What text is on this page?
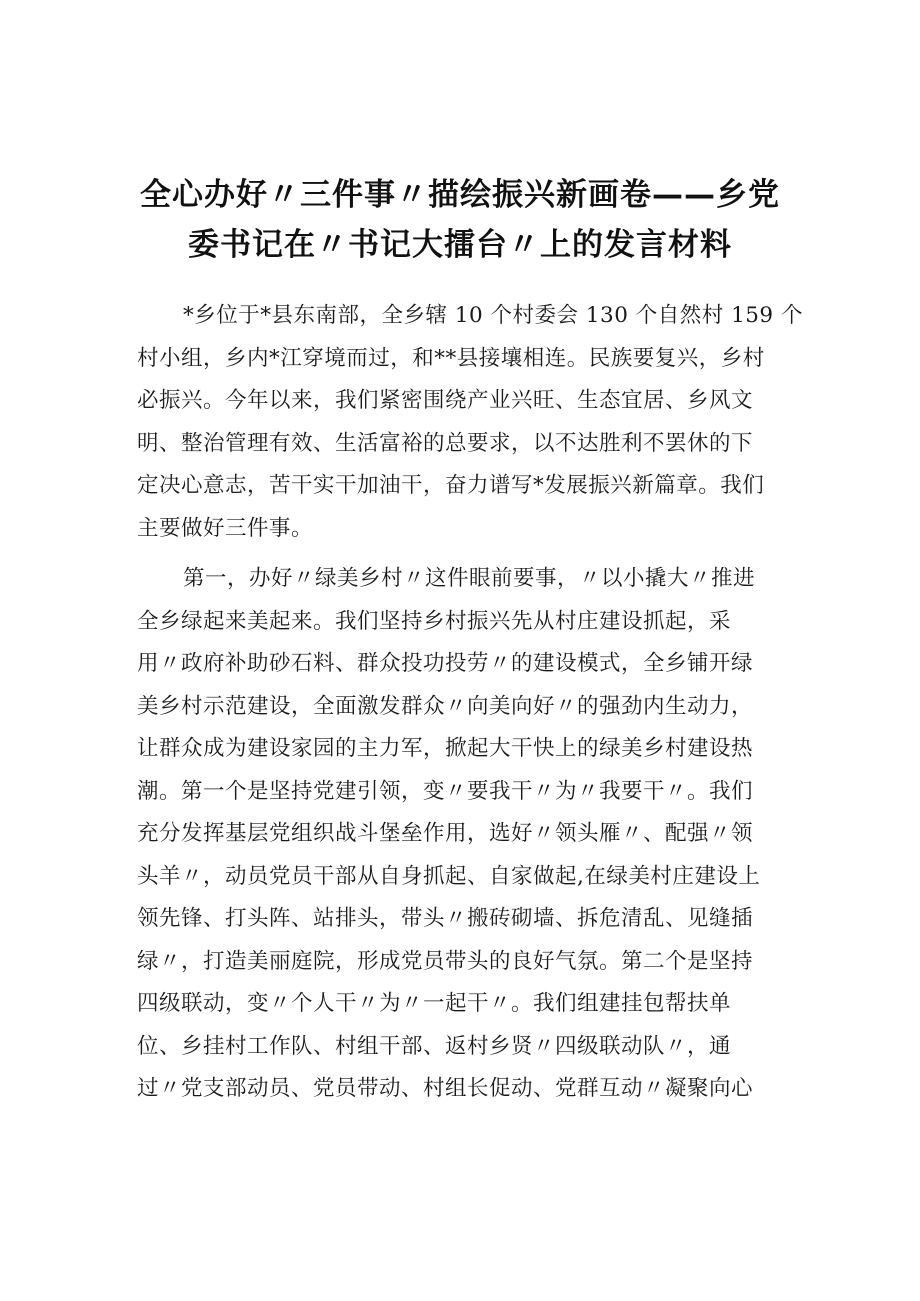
全心办好〃三件事〃描绘振兴新画卷——乡党
委书记在〃书记大擂台〃上的发言材料
*乡位于*县东南部，全乡辖 10 个村委会 130 个自然村 159 个
村小组，乡内*江穿境而过，和**县接壤相连。民族要复兴，乡村
必振兴。今年以来，我们紧密围绕产业兴旺、生态宜居、乡风文
明、整治管理有效、生活富裕的总要求，以不达胜利不罢休的下
定决心意志，苦干实干加油干，奋力谱写*发展振兴新篇章。我们
主要做好三件事。
第一，办好〃绿美乡村〃这件眼前要事，〃以小撬大〃推进
全乡绿起来美起来。我们坚持乡村振兴先从村庄建设抓起，采
用〃政府补助砂石料、群众投功投劳〃的建设模式，全乡铺开绿
美乡村示范建设，全面激发群众〃向美向好〃的强劲内生动力，
让群众成为建设家园的主力军，掀起大干快上的绿美乡村建设热
潮。第一个是坚持党建引领，变〃要我干〃为〃我要干〃。我们
充分发挥基层党组织战斗堡垒作用，选好〃领头雁〃、配强〃领
头羊〃，动员党员干部从自身抓起、自家做起,在绿美村庄建设上
领先锋、打头阵、站排头，带头〃搬砖砌墙、拆危清乱、见缝插
绿〃，打造美丽庭院，形成党员带头的良好气氛。第二个是坚持
四级联动，变〃个人干〃为〃一起干〃。我们组建挂包帮扶单
位、乡挂村工作队、村组干部、返村乡贤〃四级联动队〃，通
过〃党支部动员、党员带动、村组长促动、党群互动〃凝聚向心
